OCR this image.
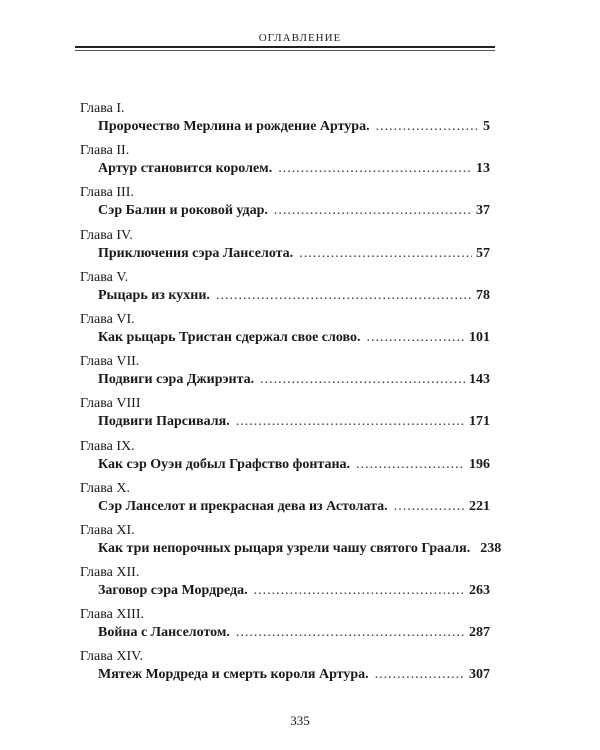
ОГЛАВЛЕНИЕ
Глава I.
Пророчество Мерлина и рождение Артура. .....	5
Глава II.
Артур становится королем. .....	13
Глава III.
Сэр Балин и роковой удар. .....	37
Глава IV.
Приключения сэра Ланселота. .....	57
Глава V.
Рыцарь из кухни. .....	78
Глава VI.
Как рыцарь Тристан сдержал свое слово. .....	101
Глава VII.
Подвиги сэра Джирэнта. .....	143
Глава VIII
Подвиги Парсиваля. .....	171
Глава IX.
Как сэр Оуэн добыл Графство фонтана. .....	196
Глава X.
Сэр Ланселот и прекрасная дева из Астолата. .....	221
Глава XI.
Как три непорочных рыцаря узрели чашу святого Грааля. 238
Глава XII.
Заговор сэра Мордреда. .....	263
Глава XIII.
Война с Ланселотом. .....	287
Глава XIV.
Мятеж Мордреда и смерть короля Артура. .....	307
335
